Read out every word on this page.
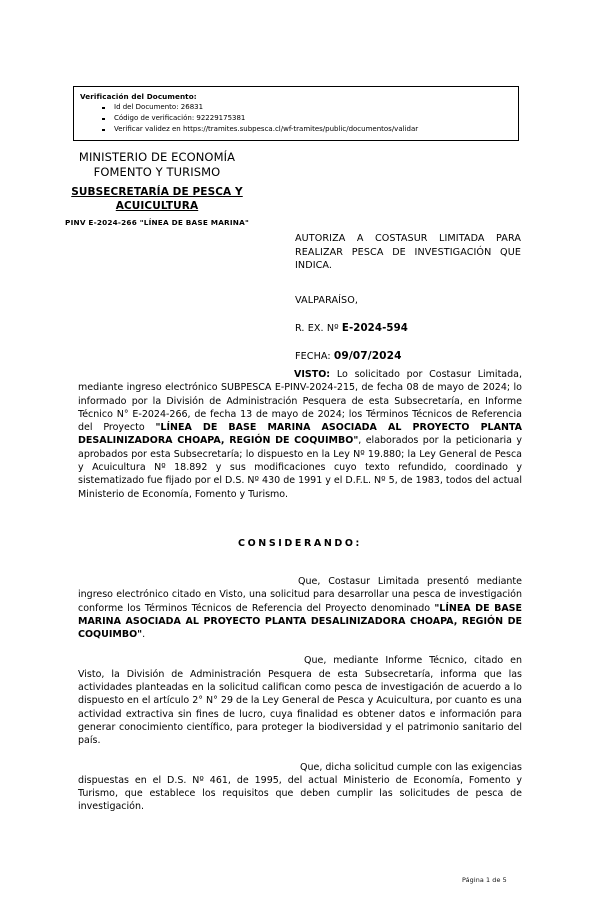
Verificación del Documento:
Id del Documento: 26831
Código de verificación: 92229175381
Verificar validez en https://tramites.subpesca.cl/wf-tramites/public/documentos/validar
MINISTERIO DE ECONOMÍA
FOMENTO Y TURISMO
SUBSECRETARÍA DE PESCA Y
ACUICULTURA
PINV E-2024-266 "LÍNEA DE BASE MARINA"
AUTORIZA A COSTASUR LIMITADA PARA REALIZAR PESCA DE INVESTIGACIÓN QUE INDICA.
VALPARAÍSO,
R. EX. Nº E-2024-594
FECHA: 09/07/2024

VISTO: Lo solicitado por Costasur Limitada, mediante ingreso electrónico SUBPESCA E-PINV-2024-215, de fecha 08 de mayo de 2024; lo informado por la División de Administración Pesquera de esta Subsecretaría, en Informe Técnico N° E-2024-266, de fecha 13 de mayo de 2024; los Términos Técnicos de Referencia del Proyecto "LÍNEA DE BASE MARINA ASOCIADA AL PROYECTO PLANTA DESALINIZADORA CHOAPA, REGIÓN DE COQUIMBO", elaborados por la peticionaria y aprobados por esta Subsecretaría; lo dispuesto en la Ley Nº 19.880; la Ley General de Pesca y Acuicultura Nº 18.892 y sus modificaciones cuyo texto refundido, coordinado y sistematizado fue fijado por el D.S. Nº 430 de 1991 y el D.F.L. Nº 5, de 1983, todos del actual Ministerio de Economía, Fomento y Turismo.

CONSIDERANDO:

Que, Costasur Limitada presentó mediante ingreso electrónico citado en Visto, una solicitud para desarrollar una pesca de investigación conforme los Términos Técnicos de Referencia del Proyecto denominado "LÍNEA DE BASE MARINA ASOCIADA AL PROYECTO PLANTA DESALINIZADORA CHOAPA, REGIÓN DE COQUIMBO".

Que, mediante Informe Técnico, citado en Visto, la División de Administración Pesquera de esta Subsecretaría, informa que las actividades planteadas en la solicitud califican como pesca de investigación de acuerdo a lo dispuesto en el artículo 2° N° 29 de la Ley General de Pesca y Acuicultura, por cuanto es una actividad extractiva sin fines de lucro, cuya finalidad es obtener datos e información para generar conocimiento científico, para proteger la biodiversidad y el patrimonio sanitario del país.

Que, dicha solicitud cumple con las exigencias dispuestas en el D.S. Nº 461, de 1995, del actual Ministerio de Economía, Fomento y Turismo, que establece los requisitos que deben cumplir las solicitudes de pesca de investigación.

Página 1 de 5
